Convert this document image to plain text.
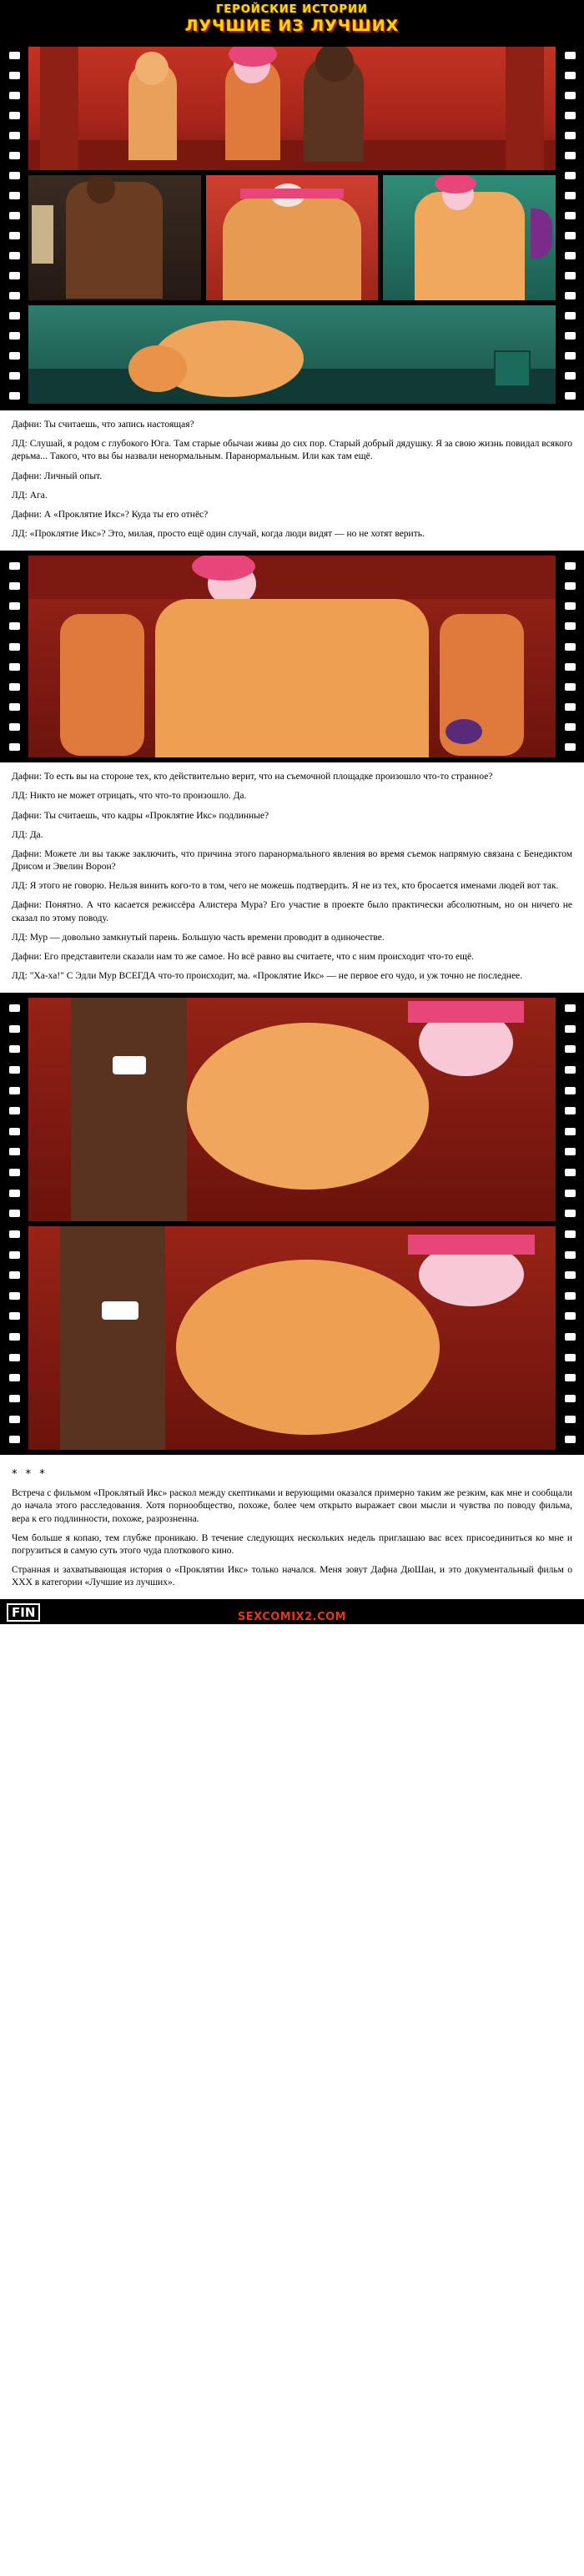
ГЕРОЙСКИЕ ИСТОРИИ
ЛУЧШИЕ ИЗ ЛУЧШИХ

Дафни: Ты считаешь, что запись настоящая?

ЛД: Слушай, я родом с глубокого Юга. Там старые обычаи живы до сих пор. Старый добрый дядушку. Я за свою жизнь повидал всякого дерьма... Такого, что вы бы назвали ненормальным. Паранормальным. Или как там ещё.

Дафни: Личный опыт.

ЛД: Ага.

Дафни: А «Проклятие Икс»? Куда ты его отнёс?

ЛД: «Проклятие Икс»? Это, милая, просто ещё один случай, когда люди видят — но не хотят верить.

Дафни: То есть вы на стороне тех, кто действительно верит, что на съемочной площадке произошло что-то странное?

ЛД: Никто не может отрицать, что что-то произошло. Да.

Дафни: Ты считаешь, что кадры «Проклятие Икс» подлинные?

ЛД: Да.

Дафни: Можете ли вы также заключить, что причина этого паранормального явления во время съемок напрямую связана с Бенедиктом Дрисом и Эвелин Ворон?

ЛД: Я этого не говорю. Нельзя винить кого-то в том, чего не можешь подтвердить. Я не из тех, кто бросается именами людей вот так.

Дафни: Понятно. А что касается режиссёра Алистера Мура? Его участие в проекте было практически абсолютным, но он ничего не сказал по этому поводу.

ЛД: Мур — довольно замкнутый парень. Большую часть времени проводит в одиночестве.

Дафни: Его представители сказали нам то же самое. Но всё равно вы считаете, что с ним происходит что-то ещё.

ЛД: "Ха-ха!" С Эдли Мур ВСЕГДА что-то происходит, ма. «Проклятие Икс» — не первое его чудо, и уж точно не последнее.

* * *

Встреча с фильмом «Проклятый Икс» раскол между скептиками и верующими оказался примерно таким же резким, как мне и сообщали до начала этого расследования. Хотя порнообщество, похоже, более чем открыто выражает свои мысли и чувства по поводу фильма, вера к его подлинности, похоже, разрозненна.

Чем больше я копаю, тем глубже проникаю. В течение следующих нескольких недель приглашаю вас всех присоединиться ко мне и погрузиться в самую суть этого чуда плоткового кино.

Странная и захватывающая история о «Проклятии Икс» только начался. Меня зовут Дафна ДюШан, и это документальный фильм о XXX в категории «Лучшие из лучших».

FIN	SEXCOMIX2.COM
